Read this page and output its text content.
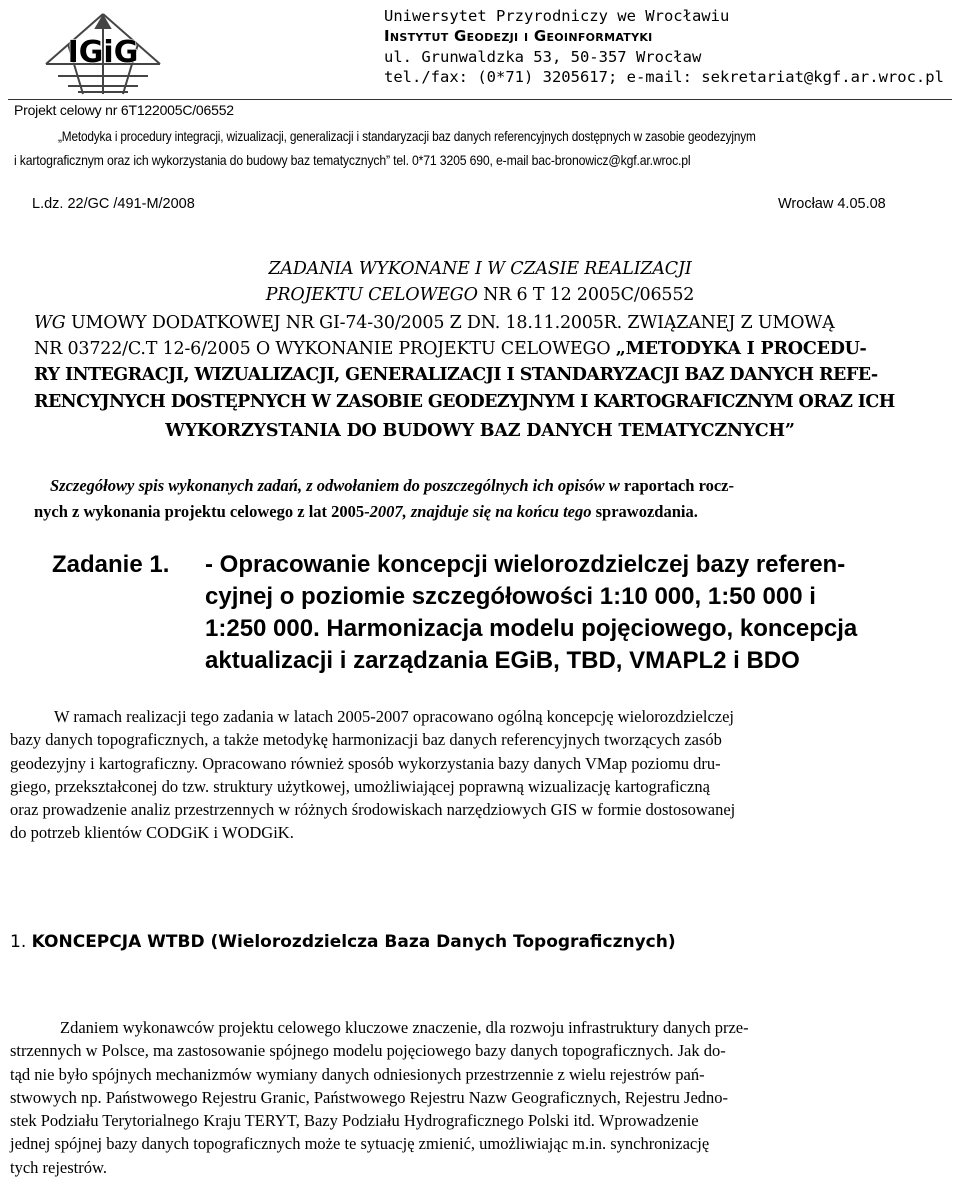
IGiG
Uniwersytet Przyrodniczy we Wrocławiu
Instytut Geodezji i Geoinformatyki
ul. Grunwaldzka 53, 50-357 Wrocław
tel./fax: (0*71) 3205617; e-mail: sekretariat@kgf.ar.wroc.pl
Projekt celowy nr 6T122005C/06552
„Metodyka i procedury integracji, wizualizacji, generalizacji i standaryzacji baz danych referencyjnych dostępnych w zasobie geodezyjnym
i kartograficznym oraz ich wykorzystania do budowy baz tematycznych” tel. 0*71 3205 690, e-mail bac-bronowicz@kgf.ar.wroc.pl
L.dz. 22/GC /491-M/2008	Wrocław 4.05.08
ZADANIA WYKONANE I W CZASIE REALIZACJI
PROJEKTU CELOWEGO NR 6 T 12 2005C/06552
WG UMOWY DODATKOWEJ NR GI-74-30/2005 Z DN. 18.11.2005R. ZWIĄZANEJ Z UMOWĄ
NR 03722/C.T 12-6/2005 O WYKONANIE PROJEKTU CELOWEGO „METODYKA I PROCEDU-
RY INTEGRACJI, WIZUALIZACJI, GENERALIZACJI I STANDARYZACJI BAZ DANYCH REFE-
RENCYJNYCH DOSTĘPNYCH W ZASOBIE GEODEZYJNYM I KARTOGRAFICZNYM ORAZ ICH
WYKORZYSTANIA DO BUDOWY BAZ DANYCH TEMATYCZNYCH”
Szczegółowy spis wykonanych zadań, z odwołaniem do poszczególnych ich opisów w raportach rocz-
nych z wykonania projektu celowego z lat 2005-2007, znajduje się na końcu tego sprawozdania.
Zadanie 1. - Opracowanie koncepcji wielorozdzielczej bazy referen-
cyjnej o poziomie szczegółowości 1:10 000, 1:50 000 i
1:250 000. Harmonizacja modelu pojęciowego, koncepcja
aktualizacji i zarządzania EGiB, TBD, VMAPL2 i BDO
W ramach realizacji tego zadania w latach 2005-2007 opracowano ogólną koncepcję wielorozdzielczej
bazy danych topograficznych, a także metodykę harmonizacji baz danych referencyjnych tworzących zasób
geodezyjny i kartograficzny. Opracowano również sposób wykorzystania bazy danych VMap poziomu dru-
giego, przekształconej do tzw. struktury użytkowej, umożliwiającej poprawną wizualizację kartograficzną
oraz prowadzenie analiz przestrzennych w różnych środowiskach narzędziowych GIS w formie dostosowanej
do potrzeb klientów CODGiK i WODGiK.
1. KONCEPCJA WTBD (Wielorozdzielcza Baza Danych Topograficznych)
Zdaniem wykonawców projektu celowego kluczowe znaczenie, dla rozwoju infrastruktury danych prze-
strzennych w Polsce, ma zastosowanie spójnego modelu pojęciowego bazy danych topograficznych. Jak do-
tąd nie było spójnych mechanizmów wymiany danych odniesionych przestrzennie z wielu rejestrów pań-
stwowych np. Państwowego Rejestru Granic, Państwowego Rejestru Nazw Geograficznych, Rejestru Jedno-
stek Podziału Terytorialnego Kraju TERYT, Bazy Podziału Hydrograficznego Polski itd. Wprowadzenie
jednej spójnej bazy danych topograficznych może te sytuację zmienić, umożliwiając m.in. synchronizację
tych rejestrów.
